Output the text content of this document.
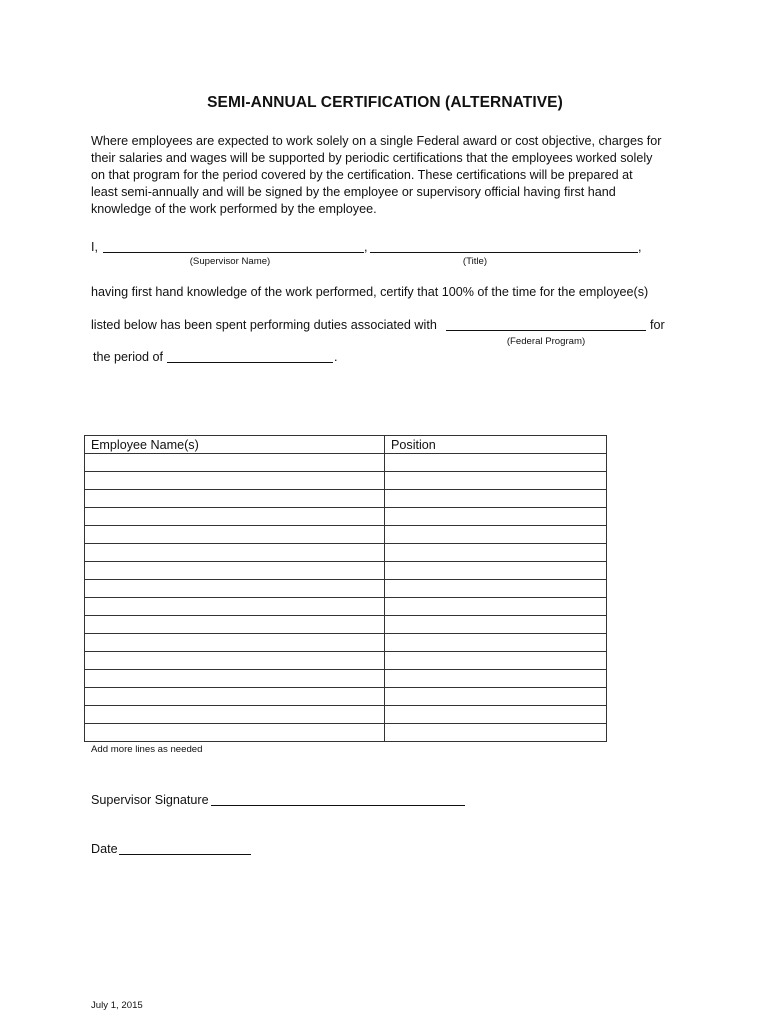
SEMI-ANNUAL CERTIFICATION (ALTERNATIVE)

Where employees are expected to work solely on a single Federal award or cost objective, charges for

their salaries and wages will be supported by periodic certifications that the employees worked solely

on that program for the period covered by the certification. These certifications will be prepared at

least semi-annually and will be signed by the employee or supervisory official having first hand

knowledge of the work performed by the employee.

I,	,	,
(Supervisor Name)	(Title)
having first hand knowledge of the work performed, certify that 100% of the time for the employee(s)
listed below has been spent performing duties associated with	for
(Federal Program)
the period of	.
Employee Name(s)	Position

Add more lines as needed
Supervisor Signature
Date
July 1, 2015
